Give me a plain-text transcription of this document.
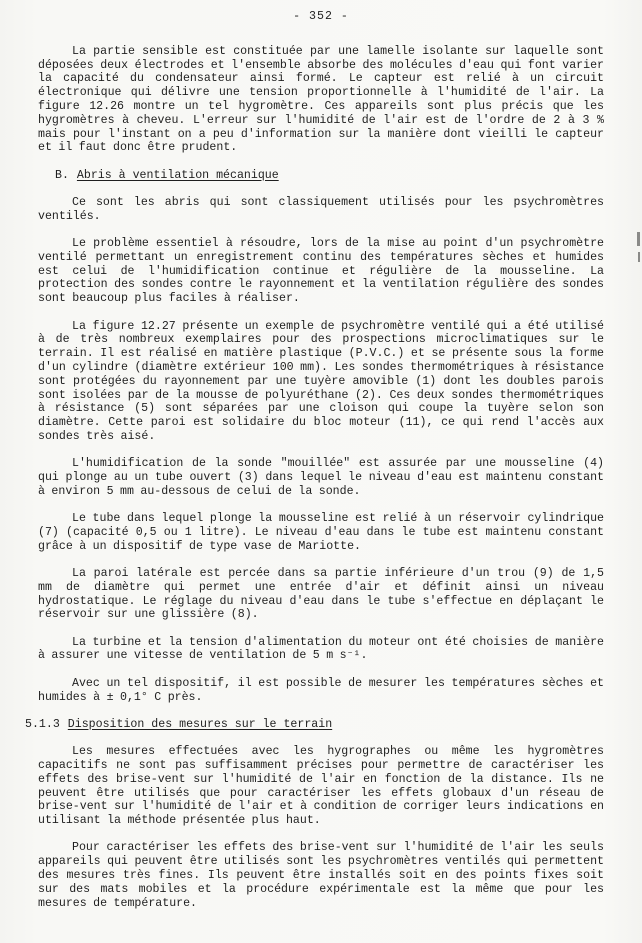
- 352 -

La partie sensible est constituée par une lamelle isolante sur laquelle sont déposées deux électrodes et l'ensemble absorbe des molécules d'eau qui font varier la capacité du condensateur ainsi formé. Le capteur est relié à un circuit électronique qui délivre une tension proportionnelle à l'humidité de l'air. La figure 12.26 montre un tel hygromètre. Ces appareils sont plus précis que les hygromètres à cheveu. L'erreur sur l'humidité de l'air est de l'ordre de 2 à 3 % mais pour l'instant on a peu d'information sur la manière dont vieilli le capteur et il faut donc être prudent.

B. Abris à ventilation mécanique

Ce sont les abris qui sont classiquement utilisés pour les psychromètres ventilés.

Le problème essentiel à résoudre, lors de la mise au point d'un psychromètre ventilé permettant un enregistrement continu des températures sèches et humides est celui de l'humidification continue et régulière de la mousseline. La protection des sondes contre le rayonnement et la ventilation régulière des sondes sont beaucoup plus faciles à réaliser.

La figure 12.27 présente un exemple de psychromètre ventilé qui a été utilisé à de très nombreux exemplaires pour des prospections microclimatiques sur le terrain. Il est réalisé en matière plastique (P.V.C.) et se présente sous la forme d'un cylindre (diamètre extérieur 100 mm). Les sondes thermométriques à résistance sont protégées du rayonnement par une tuyère amovible (1) dont les doubles parois sont isolées par de la mousse de polyuréthane (2). Ces deux sondes thermométriques à résistance (5) sont séparées par une cloison qui coupe la tuyère selon son diamètre. Cette paroi est solidaire du bloc moteur (11), ce qui rend l'accès aux sondes très aisé.

L'humidification de la sonde "mouillée" est assurée par une mousseline (4) qui plonge au un tube ouvert (3) dans lequel le niveau d'eau est maintenu constant à environ 5 mm au-dessous de celui de la sonde.

Le tube dans lequel plonge la mousseline est relié à un réservoir cylindrique (7) (capacité 0,5 ou 1 litre). Le niveau d'eau dans le tube est maintenu constant grâce à un dispositif de type vase de Mariotte.

La paroi latérale est percée dans sa partie inférieure d'un trou (9) de 1,5 mm de diamètre qui permet une entrée d'air et définit ainsi un niveau hydrostatique. Le réglage du niveau d'eau dans le tube s'effectue en déplaçant le réservoir sur une glissière (8).

La turbine et la tension d'alimentation du moteur ont été choisies de manière à assurer une vitesse de ventilation de 5 m s⁻¹.

Avec un tel dispositif, il est possible de mesurer les températures sèches et humides à ± 0,1° C près.

5.1.3 Disposition des mesures sur le terrain

Les mesures effectuées avec les hygrographes ou même les hygromètres capacitifs ne sont pas suffisamment précises pour permettre de caractériser les effets des brise-vent sur l'humidité de l'air en fonction de la distance. Ils ne peuvent être utilisés que pour caractériser les effets globaux d'un réseau de brise-vent sur l'humidité de l'air et à condition de corriger leurs indications en utilisant la méthode présentée plus haut.

Pour caractériser les effets des brise-vent sur l'humidité de l'air les seuls appareils qui peuvent être utilisés sont les psychromètres ventilés qui permettent des mesures très fines. Ils peuvent être installés soit en des points fixes soit sur des mats mobiles et la procédure expérimentale est la même que pour les mesures de température.
